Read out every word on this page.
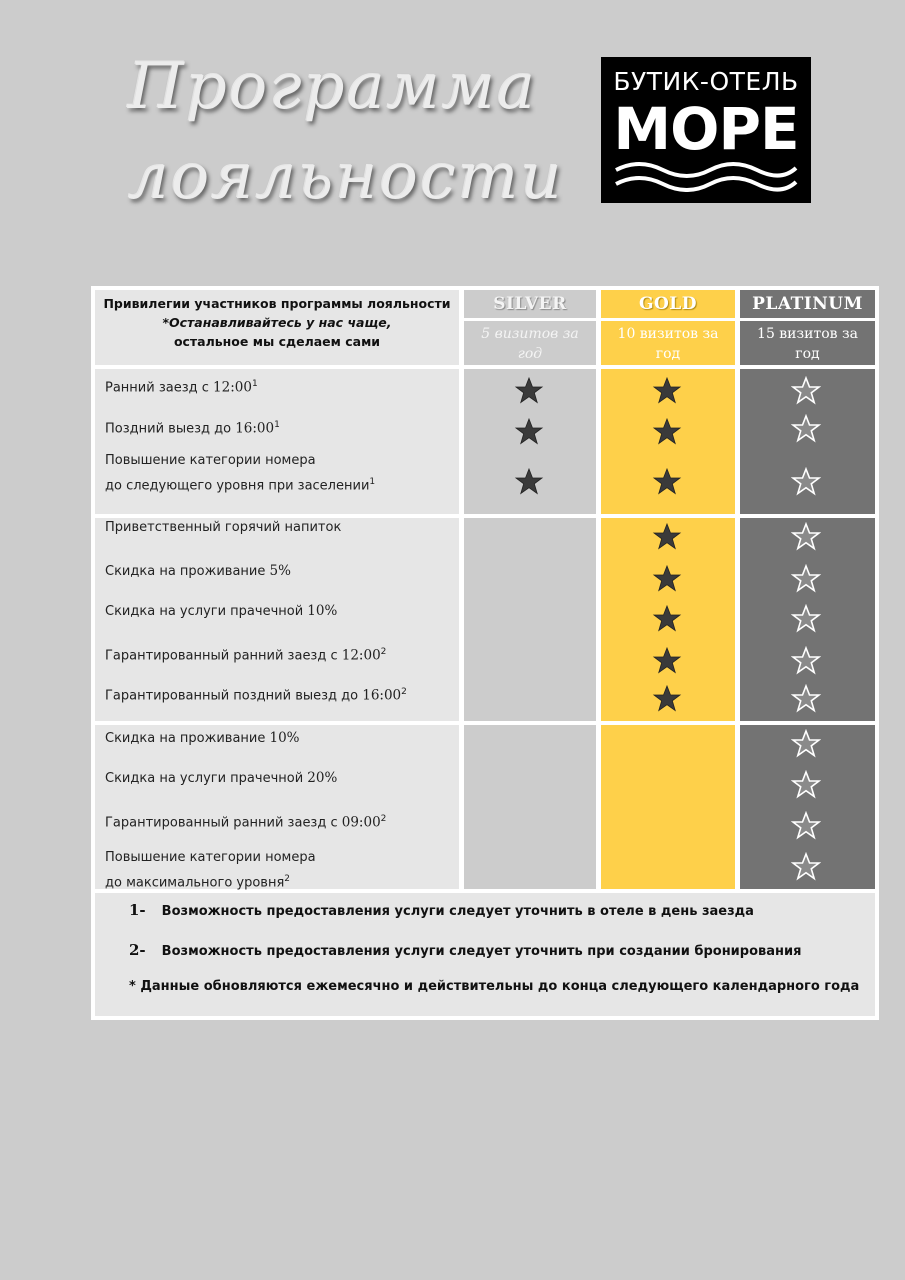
Программа
лояльности
БУТИК-ОТЕЛЬ
МОРЕ
Привилегии участников программы лояльности
*Останавливайтесь у нас чаще,
остальное мы сделаем сами
SILVER
5 визитов за
год
GOLD
10 визитов за
год
PLATINUM
15 визитов за
год
Ранний заезд с $12:00^1$
Поздний выезд до $16:00^1$
Повышение категории номера
до следующего уровня при заселении$^1$
Приветственный горячий напиток
Скидка на проживание 5%
Скидка на услуги прачечной 10%
Гарантированный ранний заезд с $12:00^2$
Гарантированный поздний выезд до $16:00^2$
Скидка на проживание 10%
Скидка на услуги прачечной 20%
Гарантированный ранний заезд с $09:00^2$
Повышение категории номера
до максимального уровня$^2$
1- Возможность предоставления услуги следует уточнить в отеле в день заезда
2- Возможность предоставления услуги следует уточнить при создании бронирования
* Данные обновляются ежемесячно и действительны до конца следующего календарного года
